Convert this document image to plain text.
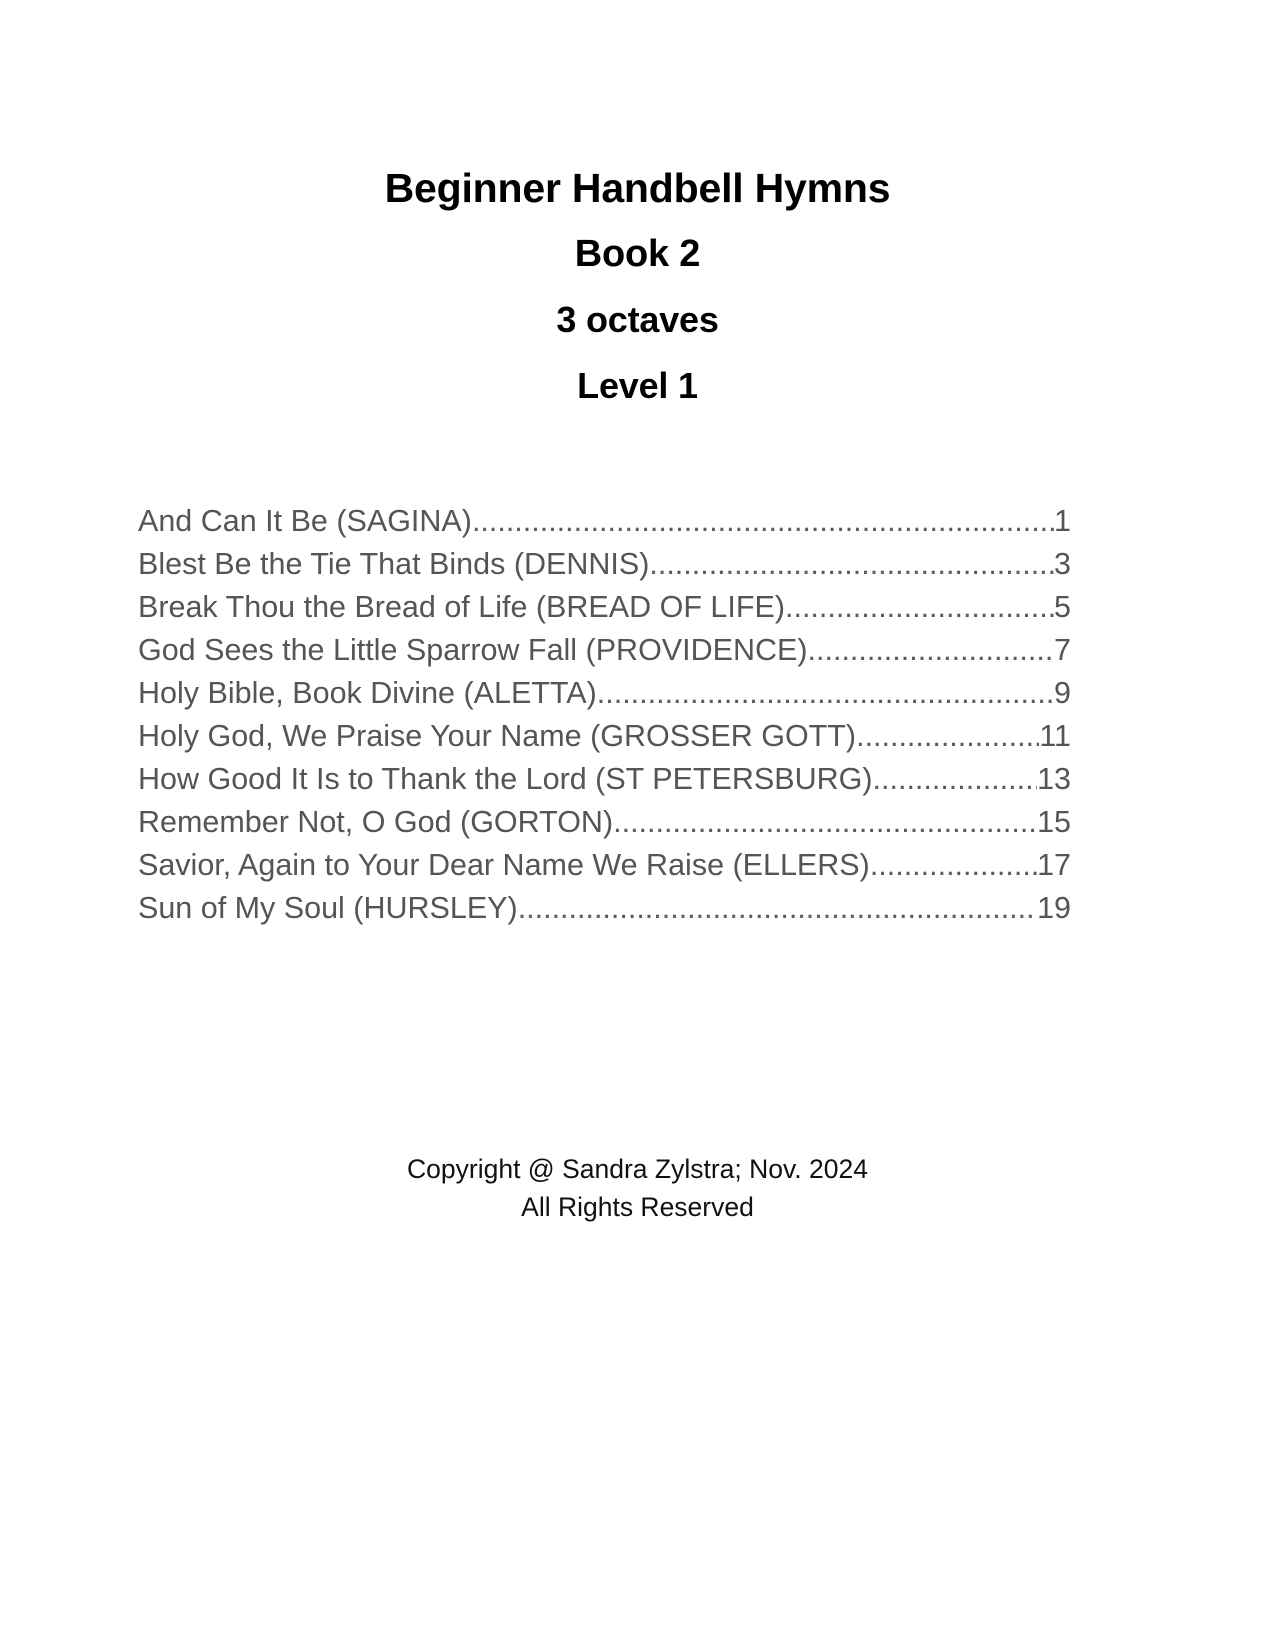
Beginner Handbell Hymns
Book 2
3 octaves
Level 1
And Can It Be (SAGINA) .....	1
Blest Be the Tie That Binds (DENNIS) .....	3
Break Thou the Bread of Life (BREAD OF LIFE) .....	5
God Sees the Little Sparrow Fall (PROVIDENCE) .....	7
Holy Bible, Book Divine (ALETTA) .....	9
Holy God, We Praise Your Name (GROSSER GOTT) .....	11
How Good It Is to Thank the Lord (ST PETERSBURG) .....	13
Remember Not, O God (GORTON) .....	15
Savior, Again to Your Dear Name We Raise (ELLERS) .....	17
Sun of My Soul (HURSLEY) .....	19
Copyright @ Sandra Zylstra; Nov. 2024
All Rights Reserved
